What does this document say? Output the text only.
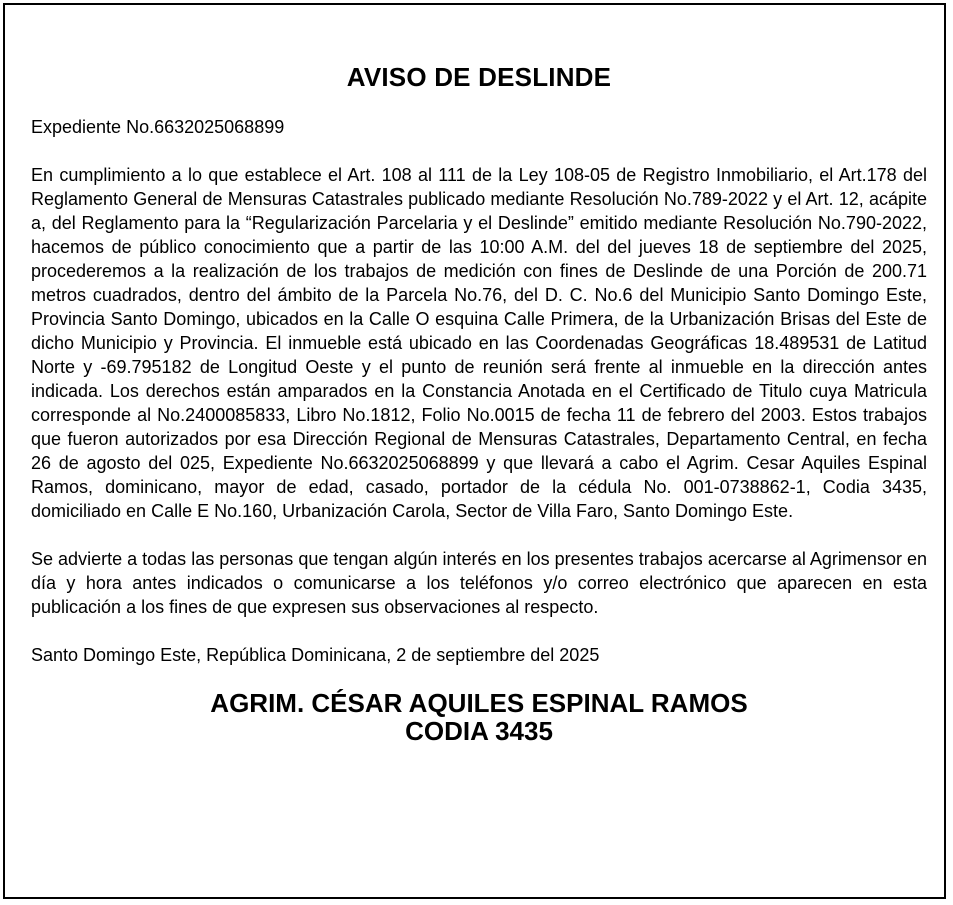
AVISO DE DESLINDE

Expediente No.6632025068899

En cumplimiento a lo que establece el Art. 108 al 111 de la Ley 108-05 de Registro Inmobiliario, el Art.178 del Reglamento General de Mensuras Catastrales publicado mediante Resolución No.789-2022 y el Art. 12, acápite a, del Reglamento para la “Regularización Parcelaria y el Deslinde” emitido mediante Resolución No.790-2022, hacemos de público conocimiento que a partir de las 10:00 A.M. del del jueves 18 de septiembre del 2025, procederemos a la realización de los trabajos de medición con fines de Deslinde de una Porción de 200.71 metros cuadrados, dentro del ámbito de la Parcela No.76, del D. C. No.6 del Municipio Santo Domingo Este, Provincia Santo Domingo, ubicados en la Calle O esquina Calle Primera, de la Urbanización Brisas del Este de dicho Municipio y Provincia. El inmueble está ubicado en las Coordenadas Geográficas 18.489531 de Latitud Norte y -69.795182 de Longitud Oeste y el punto de reunión será frente al inmueble en la dirección antes indicada. Los derechos están amparados en la Constancia Anotada en el Certificado de Titulo cuya Matricula corresponde al No.2400085833, Libro No.1812, Folio No.0015 de fecha 11 de febrero del 2003. Estos trabajos que fueron autorizados por esa Dirección Regional de Mensuras Catastrales, Departamento Central, en fecha 26 de agosto del 025, Expediente No.6632025068899 y que llevará a cabo el Agrim. Cesar Aquiles Espinal Ramos, dominicano, mayor de edad, casado, portador de la cédula No. 001-0738862-1, Codia 3435, domiciliado en Calle E No.160, Urbanización Carola, Sector de Villa Faro, Santo Domingo Este.

Se advierte a todas las personas que tengan algún interés en los presentes trabajos acercarse al Agrimensor en día y hora antes indicados o comunicarse a los teléfonos y/o correo electrónico que aparecen en esta publicación a los fines de que expresen sus observaciones al respecto.

Santo Domingo Este, República Dominicana, 2 de septiembre del 2025

AGRIM. CÉSAR AQUILES ESPINAL RAMOS
CODIA 3435
